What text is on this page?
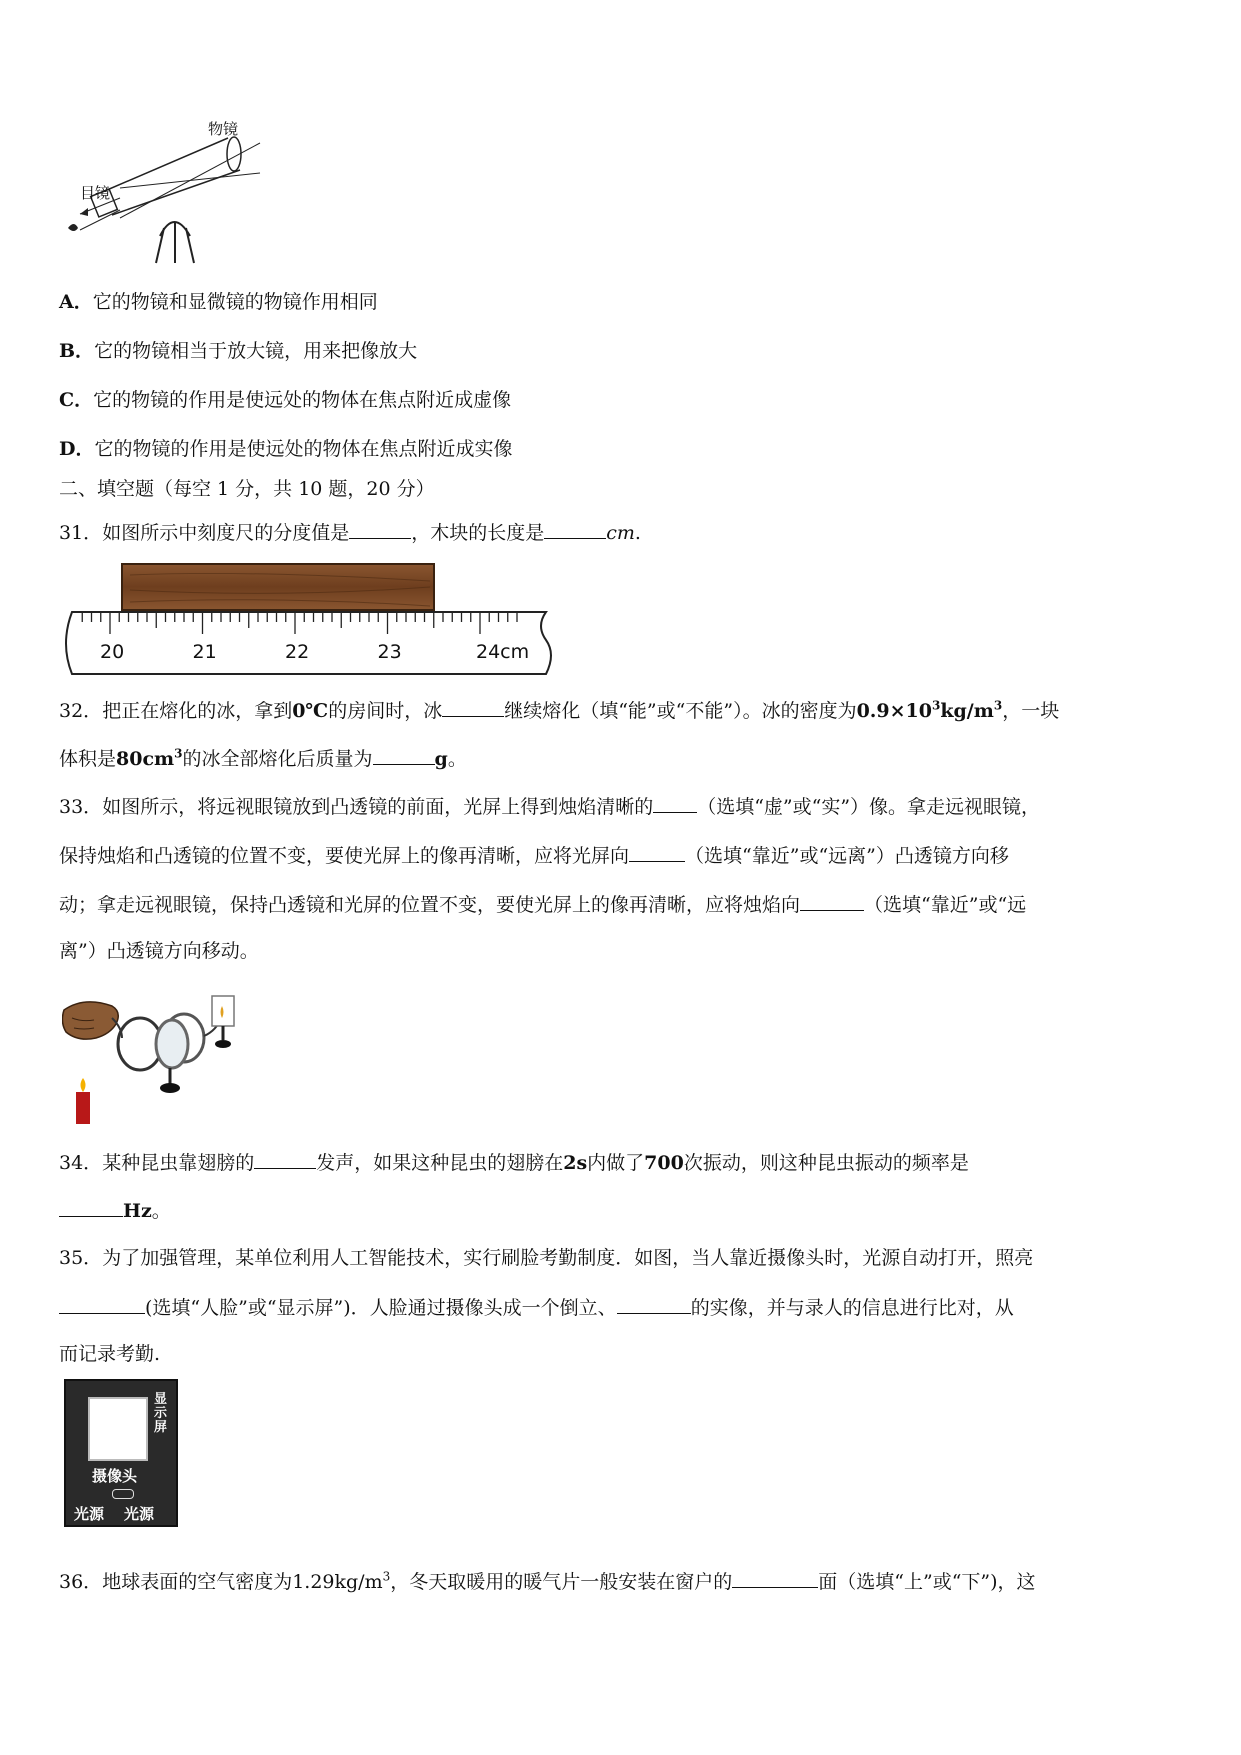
物镜
目镜
A．它的物镜和显微镜的物镜作用相同
B．它的物镜相当于放大镜，用来把像放大
C．它的物镜的作用是使远处的物体在焦点附近成虚像
D．它的物镜的作用是使远处的物体在焦点附近成实像
二、填空题（每空 1 分，共 10 题，20 分）
31．如图所示中刻度尺的分度值是	，木块的长度是	cm.
20	21	22	23	24cm
32．把正在熔化的冰，拿到0℃的房间时，冰	继续熔化（填“能”或“不能”）。冰的密度为$0.9\times 10^3kg/m^3$，一块
体积是$80cm^3$的冰全部熔化后质量为	g。
33．如图所示，将远视眼镜放到凸透镜的前面，光屏上得到烛焰清晰的 （选填“虚”或“实”）像。拿走远视眼镜，
保持烛焰和凸透镜的位置不变，要使光屏上的像再清晰，应将光屏向	（选填“靠近”或“远离”）凸透镜方向移
动；拿走远视眼镜，保持凸透镜和光屏的位置不变，要使光屏上的像再清晰，应将烛焰向	（选填“靠近”或“远
离”）凸透镜方向移动。
34．某种昆虫靠翅膀的	发声，如果这种昆虫的翅膀在2s内做了700次振动，则这种昆虫振动的频率是
Hz。
35．为了加强管理，某单位利用人工智能技术，实行刷脸考勤制度．如图，当人靠近摄像头时，光源自动打开，照亮
(选填“人脸”或“显示屏”)．人脸通过摄像头成一个倒立、	的实像，并与录人的信息进行比对，从
而记录考勤.
显示屏
摄像头
光源 光源
36．地球表面的空气密度为$1.29kg/m^3$，冬天取暖用的暖气片一般安装在窗户的	面（选填“上”或“下”)，这
